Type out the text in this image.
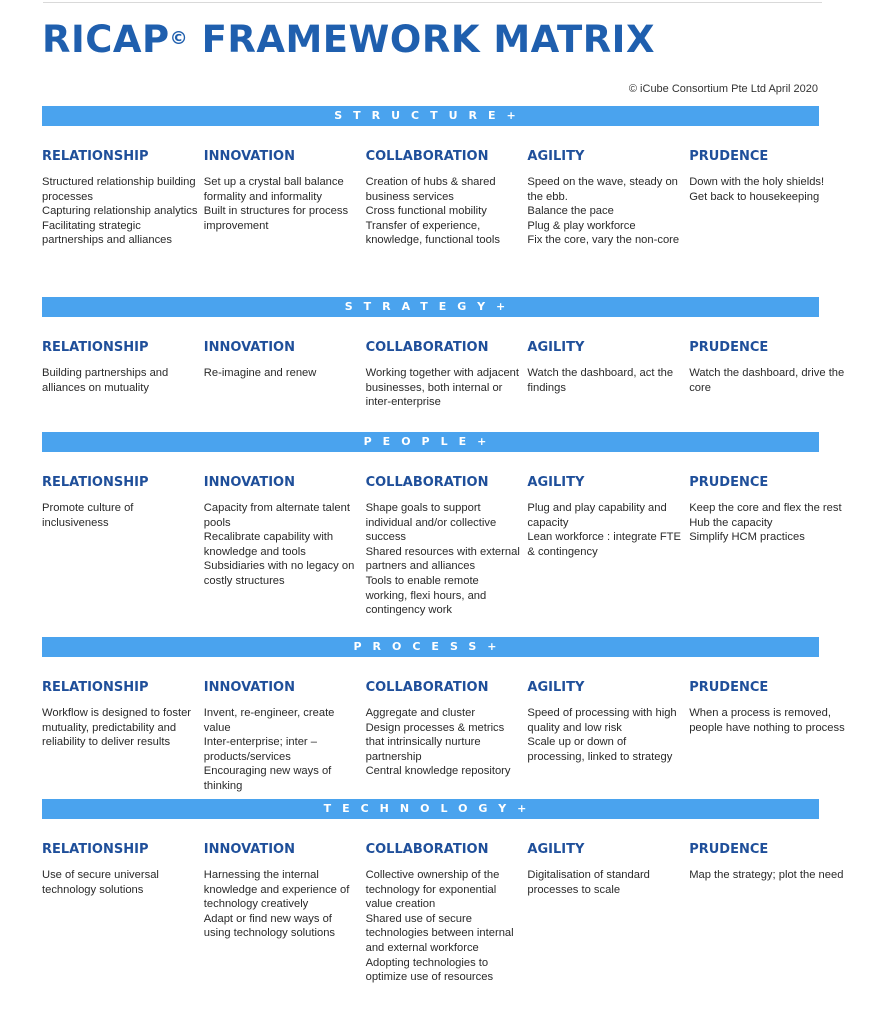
RICAP© FRAMEWORK MATRIX
© iCube Consortium Pte Ltd April 2020
STRUCTURE+
RELATIONSHIP
Structured relationship building processes
Capturing relationship analytics
Facilitating strategic partnerships and alliances
INNOVATION
Set up a crystal ball balance formality and informality
Built in structures for process improvement
COLLABORATION
Creation of hubs & shared business services
Cross functional mobility
Transfer of experience, knowledge, functional tools
AGILITY
Speed on the wave, steady on the ebb.
Balance the pace
Plug & play workforce
Fix the core, vary the non-core
PRUDENCE
Down with the holy shields!
Get back to housekeeping
STRATEGY+
RELATIONSHIP
Building partnerships and alliances on mutuality
INNOVATION
Re-imagine and renew
COLLABORATION
Working together with adjacent businesses, both internal or inter-enterprise
AGILITY
Watch the dashboard, act the findings
PRUDENCE
Watch the dashboard, drive the core
PEOPLE+
RELATIONSHIP
Promote culture of inclusiveness
INNOVATION
Capacity from alternate talent pools
Recalibrate capability with knowledge and tools
Subsidiaries with no legacy on costly structures
COLLABORATION
Shape goals to support individual and/or collective success
Shared resources with external partners and alliances
Tools to enable remote working, flexi hours, and contingency work
AGILITY
Plug and play capability and capacity
Lean workforce : integrate FTE & contingency
PRUDENCE
Keep the core and flex the rest
Hub the capacity
Simplify HCM practices
PROCESS+
RELATIONSHIP
Workflow is designed to foster mutuality, predictability and reliability to deliver results
INNOVATION
Invent, re-engineer, create value
Inter-enterprise; inter –products/services
Encouraging new ways of thinking
COLLABORATION
Aggregate and cluster
Design processes & metrics that intrinsically nurture partnership
Central knowledge repository
AGILITY
Speed of processing with high quality and low risk
Scale up or down of processing, linked to strategy
PRUDENCE
When a process is removed, people have nothing to process
TECHNOLOGY+
RELATIONSHIP
Use of secure universal technology solutions
INNOVATION
Harnessing the internal knowledge and experience of technology creatively
Adapt or find new ways of using technology solutions
COLLABORATION
Collective ownership of the technology for exponential value creation
Shared use of secure technologies between internal and external workforce
Adopting technologies to optimize use of resources
AGILITY
Digitalisation of standard processes to scale
PRUDENCE
Map the strategy; plot the need
